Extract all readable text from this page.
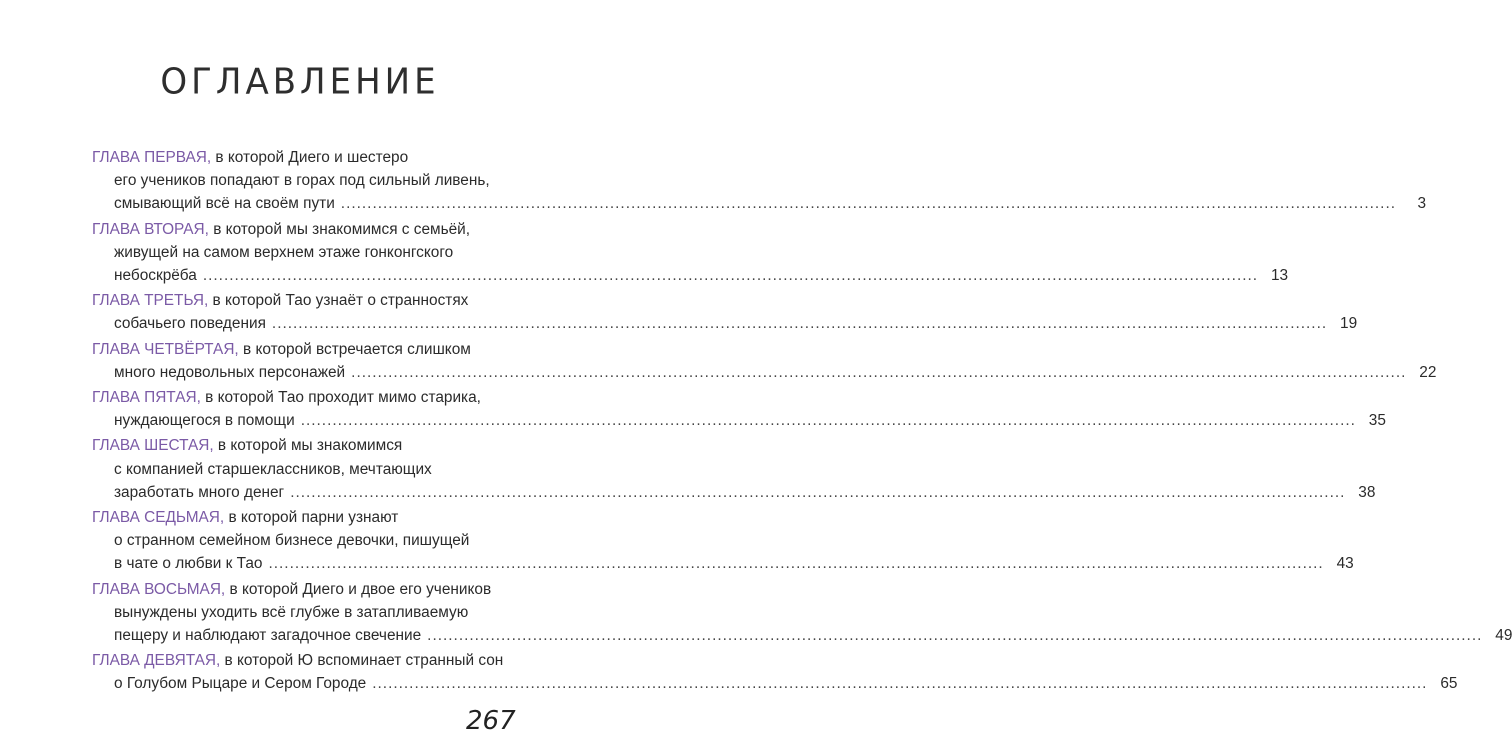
ОГЛАВЛЕНИЕ
ГЛАВА ПЕРВАЯ, в которой Диего и шестеро
его учеников попадают в горах под сильный ливень,
смывающий всё на своём пути ........................................................................................................................................................................................................	3
ГЛАВА ВТОРАЯ, в которой мы знакомимся с семьёй,
живущей на самом верхнем этаже гонконгского
небоскрёба ........................................................................................................................................................................................................ 13
ГЛАВА ТРЕТЬЯ, в которой Тао узнаёт о странностях
собачьего поведения ........................................................................................................................................................................................................ 19
ГЛАВА ЧЕТВЁРТАЯ, в которой встречается слишком
много недовольных персонажей ........................................................................................................................................................................................................ 22
ГЛАВА ПЯТАЯ, в которой Тао проходит мимо старика,
нуждающегося в помощи ........................................................................................................................................................................................................ 35
ГЛАВА ШЕСТАЯ, в которой мы знакомимся
с компанией старшеклассников, мечтающих
заработать много денег ........................................................................................................................................................................................................ 38
ГЛАВА СЕДЬМАЯ, в которой парни узнают
о странном семейном бизнесе девочки, пишущей
в чате о любви к Тао ........................................................................................................................................................................................................ 43
ГЛАВА ВОСЬМАЯ, в которой Диего и двое его учеников
вынуждены уходить всё глубже в затапливаемую
пещеру и наблюдают загадочное свечение ........................................................................................................................................................................................................ 49
ГЛАВА ДЕВЯТАЯ, в которой Ю вспоминает странный сон
о Голубом Рыцаре и Сером Городе ........................................................................................................................................................................................................ 65
267
